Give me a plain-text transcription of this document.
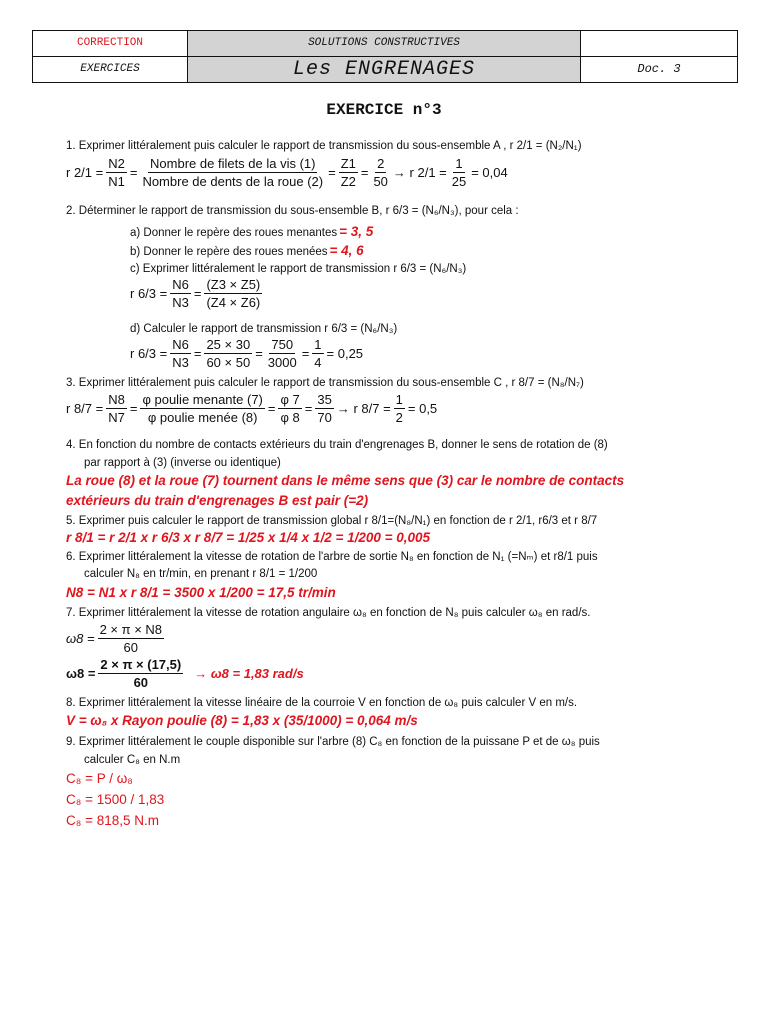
CORRECTION	SOLUTIONS CONSTRUCTIVES
EXERCICES	Les ENGRENAGES	Doc. 3
EXERCICE n°3
1. Exprimer littéralement puis calculer le rapport de transmission du sous-ensemble A , r 2/1 = (N₂/N₁)
r $2/1 = \frac{N2}{N1}$ =
Nombre de filets de la vis (1)
Nombre de dents de la roue (2)
=
Z1
Z2
=
2
50
→ r $2/1 = \frac{1}{25} = 0,04$
2. Déterminer le rapport de transmission du sous-ensemble B, r 6/3 = (N₆/N₃), pour cela :
a) Donner le repère des roues menantes = 3, 5
b) Donner le repère des roues menées = 4, 6
c) Exprimer littéralement le rapport de transmission r 6/3 = (N₆/N₃)
r $6/3 = \frac{N6}{N3}$ =
(Z3 × Z5)
(Z4 × Z6)
d) Calculer le rapport de transmission r 6/3 = (N₆/N₃)
r $6/3 = \frac{N6}{N3}$ =
25 × 30
60 × 50
=
750
3000
= $\frac{1}{4} = 0,25$
3. Exprimer littéralement puis calculer le rapport de transmission du sous-ensemble C , r 8/7 = (N₈/N₇)
r $8/7 = \frac{N8}{N7}$ =
φ poulie menante (7)
φ poulie menée (8)
=
φ 7
φ 8
=
35
70
→ r $8/7 = \frac{1}{2} = 0,5$
4. En fonction du nombre de contacts extérieurs du train d'engrenages B, donner le sens de rotation de (8)
par rapport à (3) (inverse ou identique)
La roue (8) et la roue (7) tournent dans le même sens que (3) car le nombre de contacts
extérieurs du train d'engrenages B est pair (=2)
5. Exprimer puis calculer le rapport de transmission global r 8/1=(N₈/N₁) en fonction de r 2/1, r6/3 et r 8/7
r 8/1 = r 2/1 x r 6/3 x r 8/7 = 1/25 x 1/4 x 1/2 = 1/200 = 0,005
6. Exprimer littéralement la vitesse de rotation de l'arbre de sortie N₈ en fonction de N₁ (=Nₘ) et r8/1 puis
calculer N₈ en tr/min, en prenant r 8/1 = 1/200
N8 = N1 x r 8/1 = 3500 x 1/200 = 17,5 tr/min
7. Exprimer littéralement la vitesse de rotation angulaire ω₈ en fonction de N₈ puis calculer ω₈ en rad/s.
$\omega 8 = \frac{2 \times \pi \times N8}{60}$
$\omega 8 = \frac{2 \times \pi \times (17,5)}{60} \to \omega 8 = 1,83$ rad/s
8. Exprimer littéralement la vitesse linéaire de la courroie V en fonction de ω₈ puis calculer V en m/s.
V = ω₈ x Rayon poulie (8) = 1,83 x (35/1000) = 0,064 m/s
9. Exprimer littéralement le couple disponible sur l'arbre (8) C₈ en fonction de la puissane P et de ω₈ puis
calculer C₈ en N.m
C₈ = P / ω₈
C₈ = 1500 / 1,83
C₈ = 818,5 N.m
